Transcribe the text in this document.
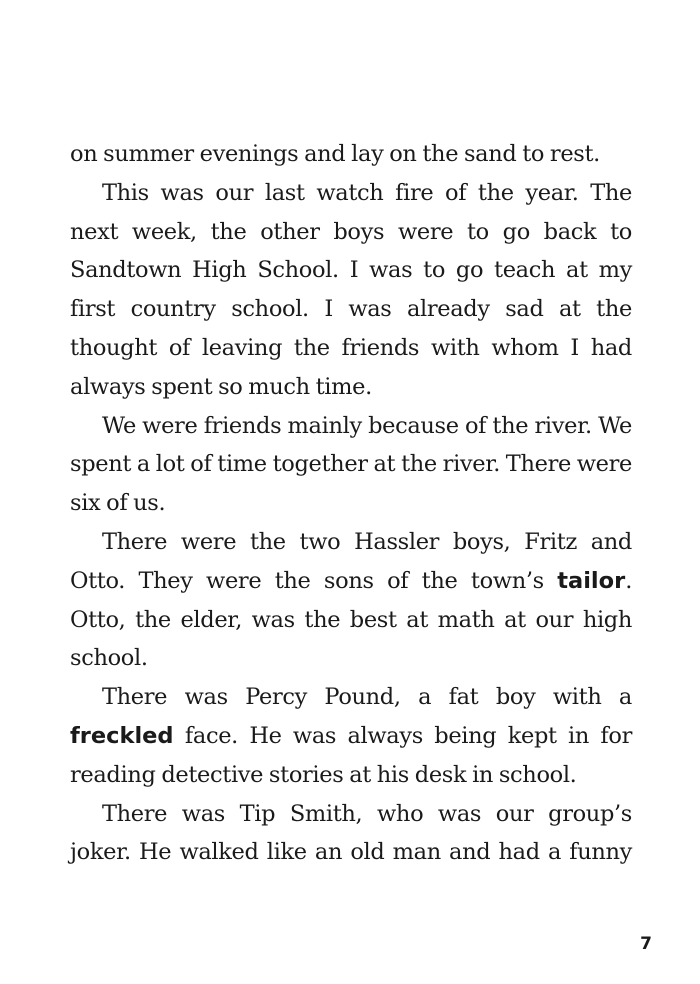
on summer evenings and lay on the sand to rest.

This was our last watch fire of the year. The next week, the other boys were to go back to Sandtown High School. I was to go teach at my first country school. I was already sad at the thought of leaving the friends with whom I had always spent so much time.

We were friends mainly because of the river. We spent a lot of time together at the river. There were six of us.

There were the two Hassler boys, Fritz and Otto. They were the sons of the town’s tailor. Otto, the elder, was the best at math at our high school.

There was Percy Pound, a fat boy with a freckled face. He was always being kept in for reading detective stories at his desk in school.

There was Tip Smith, who was our group’s joker. He walked like an old man and had a funny

7
